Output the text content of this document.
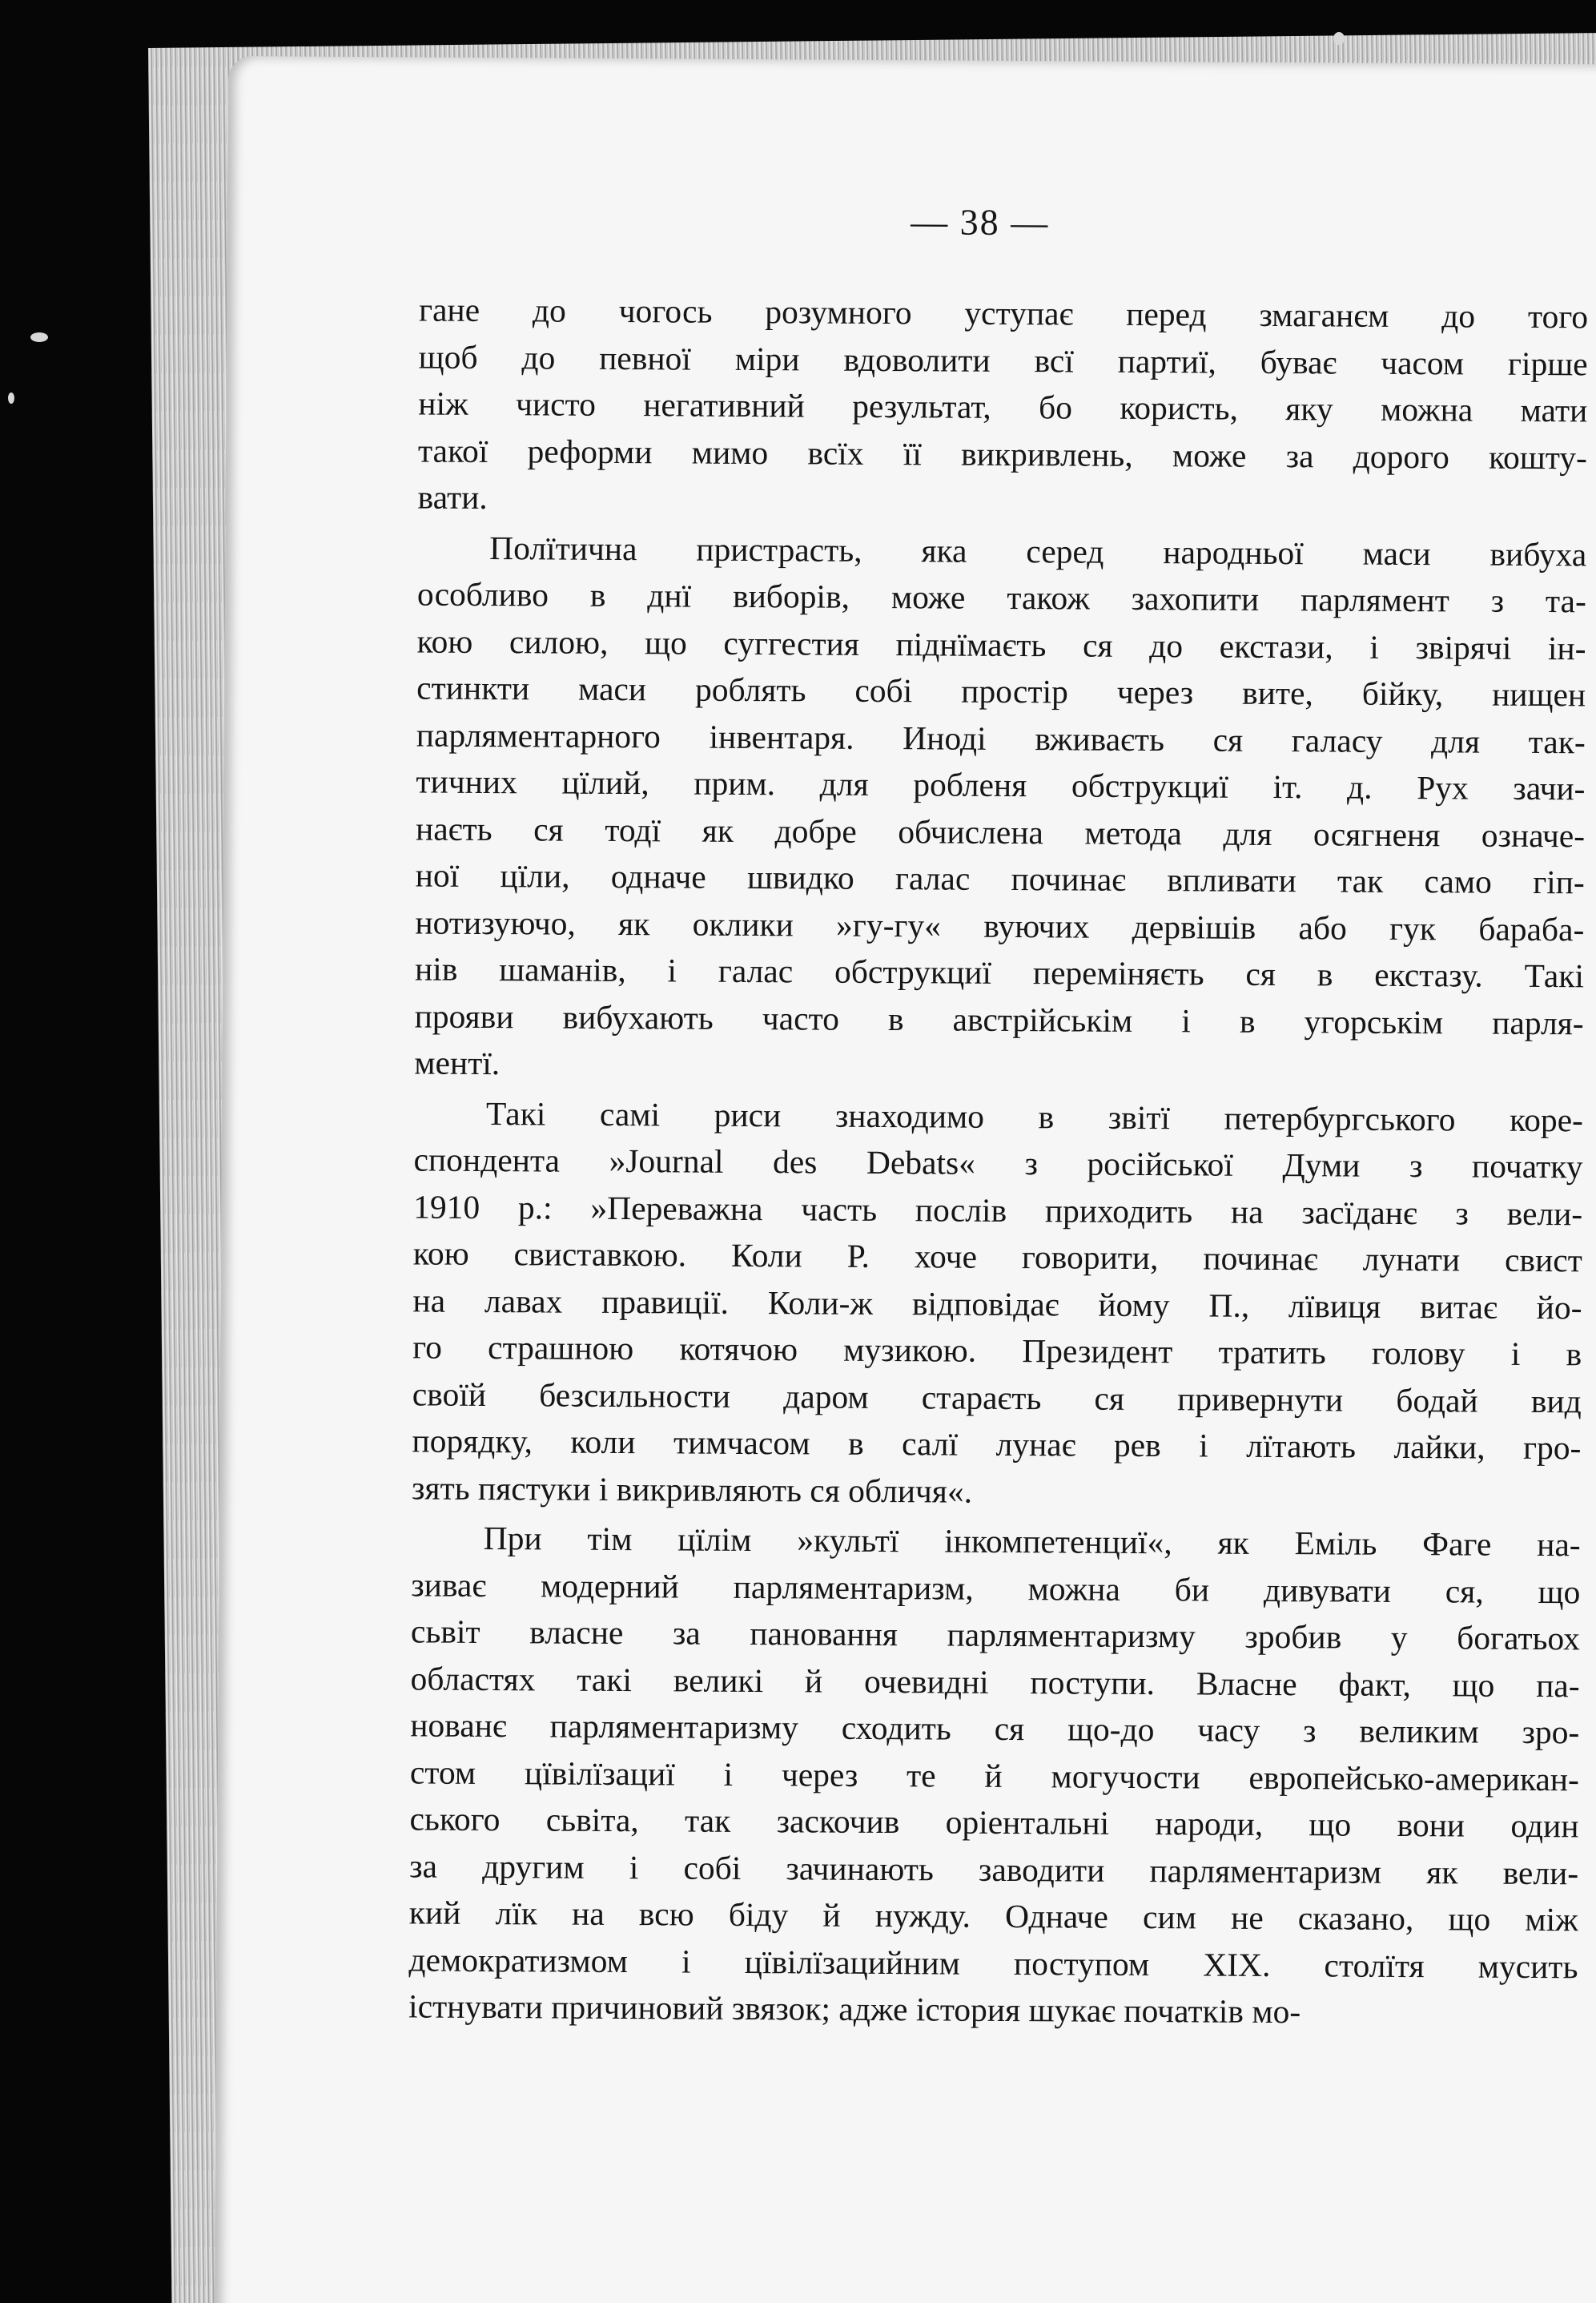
— 38 —
гане до чогось розумного уступає перед змаганєм до того
щоб до певної міри вдоволити всї партиї, буває часом гірше
ніж чисто негативний результат, бо користь, яку можна мати
такої реформи мимо всїх її викривлень, може за дорого кошту-
вати.
Полїтична пристрасть, яка серед народньої маси вибуха
особливо в днї виборів, може також захопити парлямент з та-
кою силою, що суггестия піднїмаєть ся до екстази, і звірячі ін-
стинкти маси роблять собі простір через вите, бійку, нищен
парляментарного інвентаря. Иноді вживаєть ся галасу для так-
тичних цїлий, прим. для робленя обструкциї іт. д. Рух зачи-
наєть ся тодї як добре обчислена метода для осягненя означе-
ної цїли, одначе швидко галас починає впливати так само гіп-
нотизуючо, як оклики »гу-гу« вуючих дервішів або гук бараба-
нів шаманів, і галас обструкциї переміняєть ся в екстазу. Такі
прояви вибухають часто в австрійськім і в угорськім парля-
ментї.
Такі самі риси знаходимо в звітї петербургського коре-
спондента »Journal des Debats« з російської Думи з початку
1910 р.: »Переважна часть послів приходить на засїданє з вели-
кою свиставкою. Коли Р. хоче говорити, починає лунати свист
на лавах правиції. Коли-ж відповідає йому П., лївиця витає йо-
го страшною котячою музикою. Президент тратить голову і в
своїй безсильности даром стараєть ся привернути бодай вид
порядку, коли тимчасом в салї лунає рев і лїтають лайки, гро-
зять пястуки і викривляють ся обличя«.
При тім цїлім »культї інкомпетенциї«, як Еміль Фаге на-
зиває модерний парляментаризм, можна би дивувати ся, що
сьвіт власне за пановання парляментаризму зробив у богатьох
областях такі великі й очевидні поступи. Власне факт, що па-
нованє парляментаризму сходить ся що-до часу з великим зро-
стом цївілїзациї і через те й могучости европейсько-американ-
ського сьвіта, так заскочив оріентальні народи, що вони один
за другим і собі зачинають заводити парляментаризм як вели-
кий лїк на всю біду й нужду. Одначе сим не сказано, що між
демократизмом і цївілїзацийним поступом XIX. столїтя мусить
істнувати причиновий звязок; адже істория шукає початків мо-
